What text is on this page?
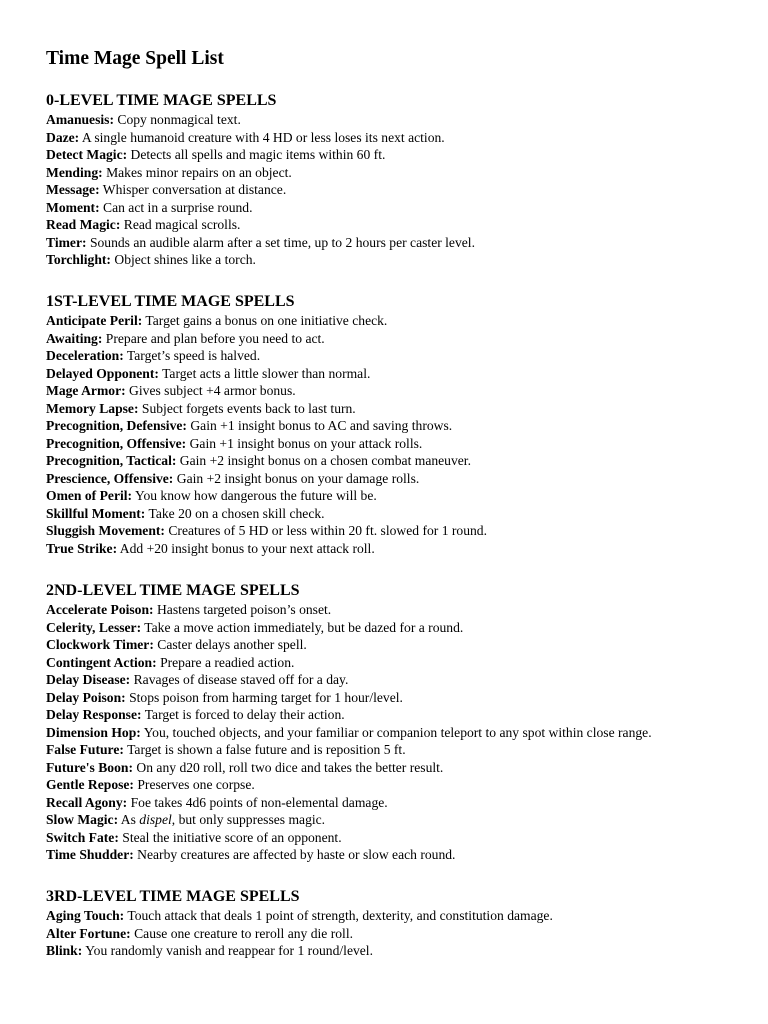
Time Mage Spell List
0-LEVEL TIME MAGE SPELLS
Amanuesis: Copy nonmagical text.
Daze: A single humanoid creature with 4 HD or less loses its next action.
Detect Magic: Detects all spells and magic items within 60 ft.
Mending: Makes minor repairs on an object.
Message: Whisper conversation at distance.
Moment: Can act in a surprise round.
Read Magic: Read magical scrolls.
Timer: Sounds an audible alarm after a set time, up to 2 hours per caster level.
Torchlight: Object shines like a torch.
1ST-LEVEL TIME MAGE SPELLS
Anticipate Peril: Target gains a bonus on one initiative check.
Awaiting: Prepare and plan before you need to act.
Deceleration: Target’s speed is halved.
Delayed Opponent: Target acts a little slower than normal.
Mage Armor: Gives subject +4 armor bonus.
Memory Lapse: Subject forgets events back to last turn.
Precognition, Defensive: Gain +1 insight bonus to AC and saving throws.
Precognition, Offensive: Gain +1 insight bonus on your attack rolls.
Precognition, Tactical: Gain +2 insight bonus on a chosen combat maneuver.
Prescience, Offensive: Gain +2 insight bonus on your damage rolls.
Omen of Peril: You know how dangerous the future will be.
Skillful Moment: Take 20 on a chosen skill check.
Sluggish Movement: Creatures of 5 HD or less within 20 ft. slowed for 1 round.
True Strike: Add +20 insight bonus to your next attack roll.
2ND-LEVEL TIME MAGE SPELLS
Accelerate Poison: Hastens targeted poison’s onset.
Celerity, Lesser: Take a move action immediately, but be dazed for a round.
Clockwork Timer: Caster delays another spell.
Contingent Action: Prepare a readied action.
Delay Disease: Ravages of disease staved off for a day.
Delay Poison: Stops poison from harming target for 1 hour/level.
Delay Response: Target is forced to delay their action.
Dimension Hop: You, touched objects, and your familiar or companion teleport to any spot within close range.
False Future: Target is shown a false future and is reposition 5 ft.
Future's Boon: On any d20 roll, roll two dice and takes the better result.
Gentle Repose: Preserves one corpse.
Recall Agony: Foe takes 4d6 points of non-elemental damage.
Slow Magic: As dispel, but only suppresses magic.
Switch Fate: Steal the initiative score of an opponent.
Time Shudder: Nearby creatures are affected by haste or slow each round.
3RD-LEVEL TIME MAGE SPELLS
Aging Touch: Touch attack that deals 1 point of strength, dexterity, and constitution damage.
Alter Fortune: Cause one creature to reroll any die roll.
Blink: You randomly vanish and reappear for 1 round/level.
